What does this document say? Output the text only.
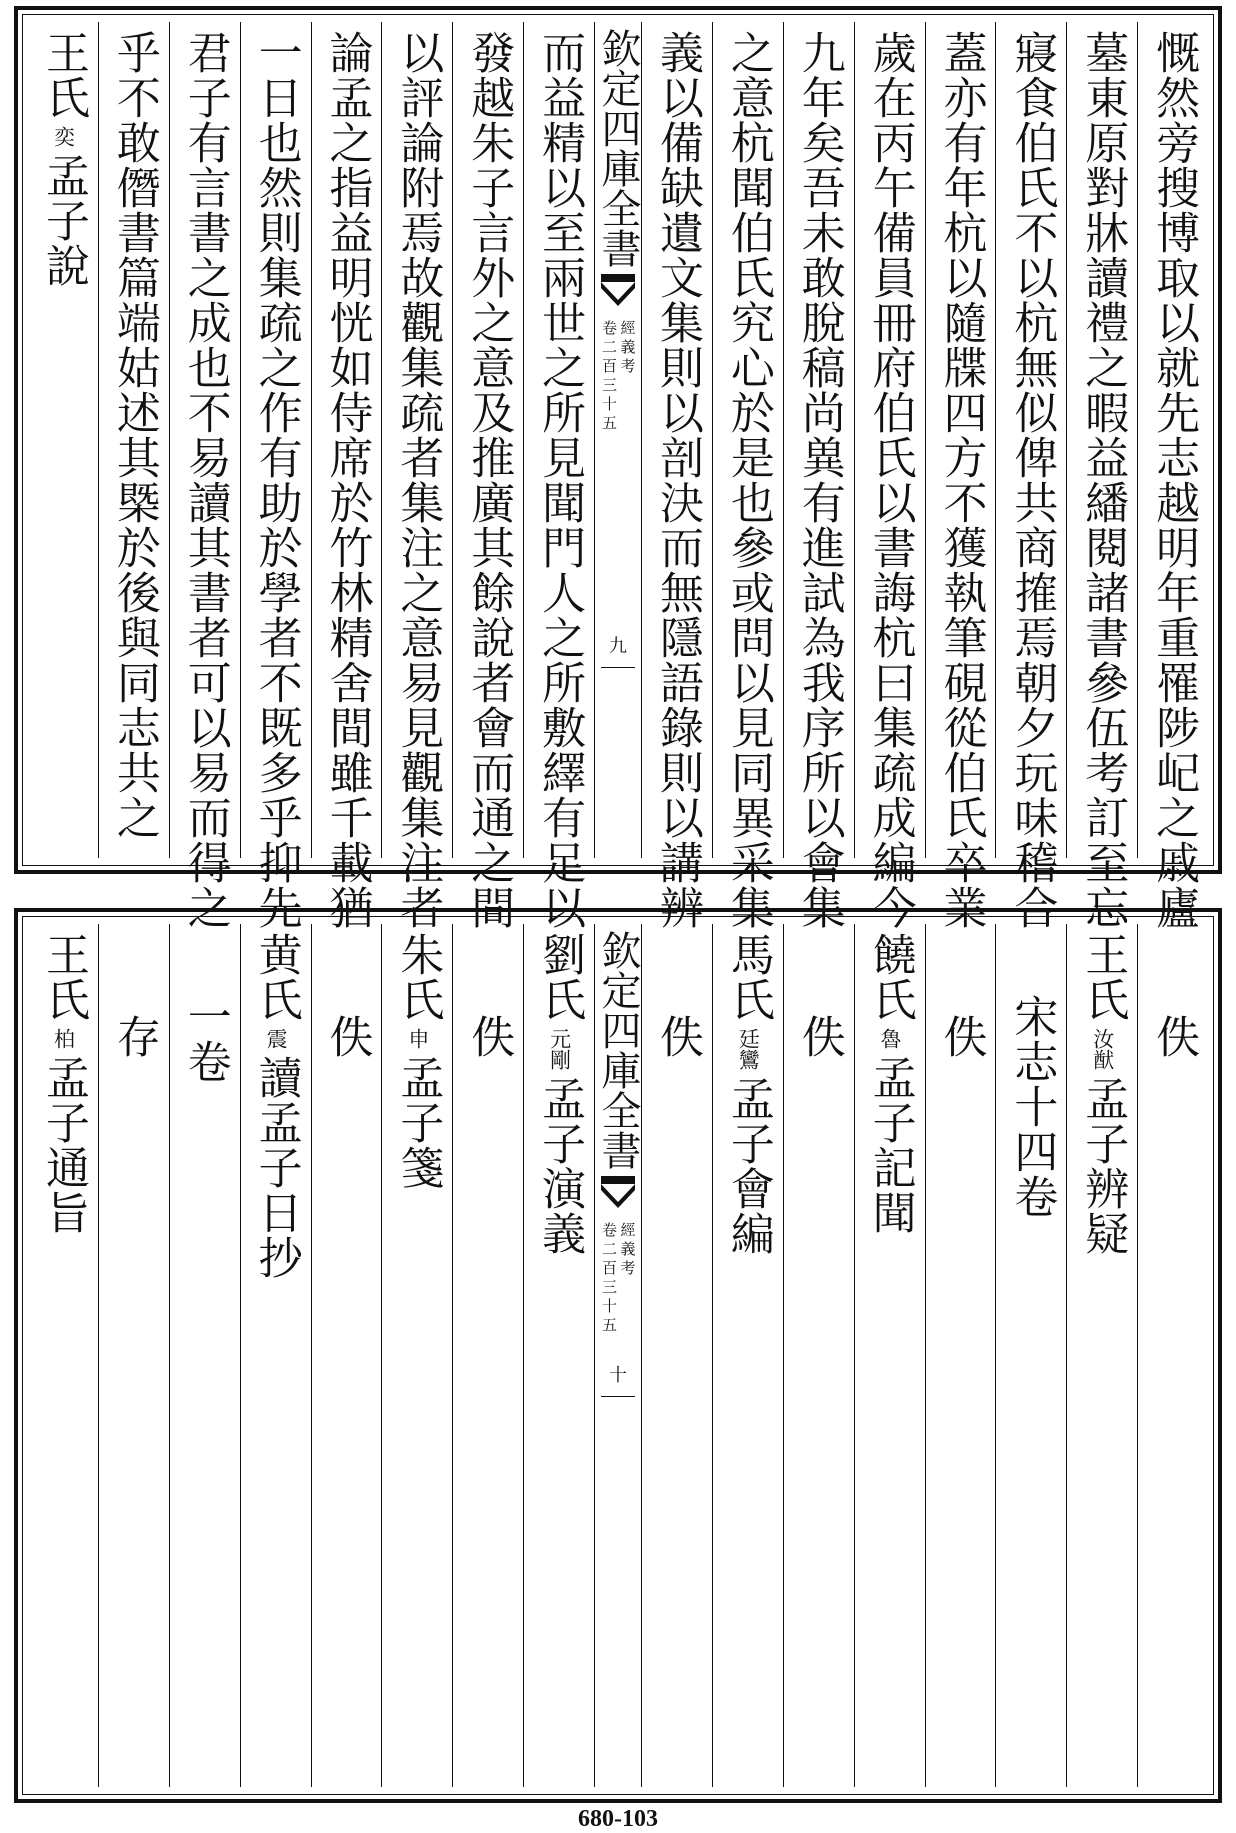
慨然旁搜博取以就先志越明年重罹陟屺之戚廬
墓東原對牀讀禮之暇益繙閱諸書參伍考訂至忘
寢食伯氏不以杭無似俾共商搉焉朝夕玩味稽合
蓋亦有年杭以隨牒四方不獲執筆硯從伯氏卒業
歲在丙午備員冊府伯氏以書誨杭曰集疏成編今
九年矣吾未敢脫稿尚兾有進試為我序所以會集
之意杭聞伯氏究心於是也參或問以見同異采集
義以備缺遺文集則以剖決而無隱語錄則以講辨
欽定四庫全書
經義考
卷二百三十五
九
而益精以至兩世之所見聞門人之所敷繹有足以
發越朱子言外之意及推廣其餘說者會而通之間
以評論附焉故觀集疏者集注之意易見觀集注者
論孟之指益明恍如侍席於竹林精舍間雖千載猶
一日也然則集疏之作有助於學者不既多乎抑先
君子有言書之成也不易讀其書者可以易而得之
乎不敢僭書篇端姑述其槩於後與同志共之
王氏
奕
孟子說
佚
王氏
汝猷
孟子辨疑
宋志十四卷
佚
饒氏
魯
孟子記聞
佚
馬氏
廷鸞
孟子會編
佚
欽定四庫全書
經義考
卷二百三十五
十
劉氏
元剛
孟子演義
佚
朱氏
申
孟子箋
佚
黄氏
震
讀孟子日抄
一卷
存
王氏
柏
孟子通旨
680-103
